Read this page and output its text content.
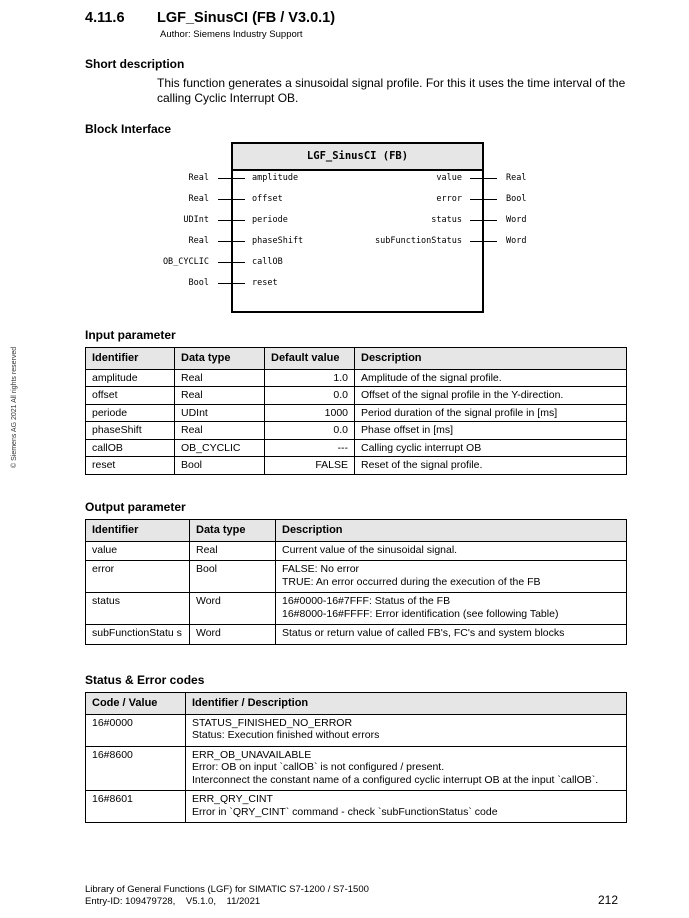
4.11.6 LGF_SinusCI (FB / V3.0.1)
Author: Siemens Industry Support
Short description
This function generates a sinusoidal signal profile. For this it uses the time interval of the calling Cyclic Interrupt OB.
Block Interface
© Siemens AG 2021 All rights reserved
LGF_SinusCI (FB)
Real	amplitude
Real	offset
UDInt	periode
Real	phaseShift
OB_CYCLIC	callOB
Bool	reset
value	Real
error	Bool
status	Word
subFunctionStatus	Word
Input parameter
Identifier	Data type	Default value	Description
amplitude	Real	1.0	Amplitude of the signal profile.
offset	Real	0.0	Offset of the signal profile in the Y-direction.
periode	UDInt	1000	Period duration of the signal profile in [ms]
phaseShift	Real	0.0	Phase offset in [ms]
callOB	OB_CYCLIC	---	Calling cyclic interrupt OB
reset	Bool	FALSE	Reset of the signal profile.
Output parameter
Identifier	Data type	Description
value	Real	Current value of the sinusoidal signal.

error	Bool	FALSE: No error
TRUE: An error occurred during the execution of the FB

status	Word	16#0000-16#7FFF: Status of the FB
16#8000-16#FFFF: Error identification (see following Table)

subFunctionStatu s	Word	Status or return value of called FB's, FC's and system blocks
Status & Error codes
Code / Value	Identifier / Description
16#0000	STATUS_FINISHED_NO_ERROR
Status: Execution finished without errors

16#8600	ERR_OB_UNAVAILABLE
Error: OB on input `callOB` is not configured / present.
Interconnect the constant name of a configured cyclic interrupt OB at the input `callOB`.

16#8601	ERR_QRY_CINT
Error in `QRY_CINT` command - check `subFunctionStatus` code
Library of General Functions (LGF) for SIMATIC S7-1200 / S7-1500
Entry-ID: 109479728,    V5.1.0,    11/2021	212
